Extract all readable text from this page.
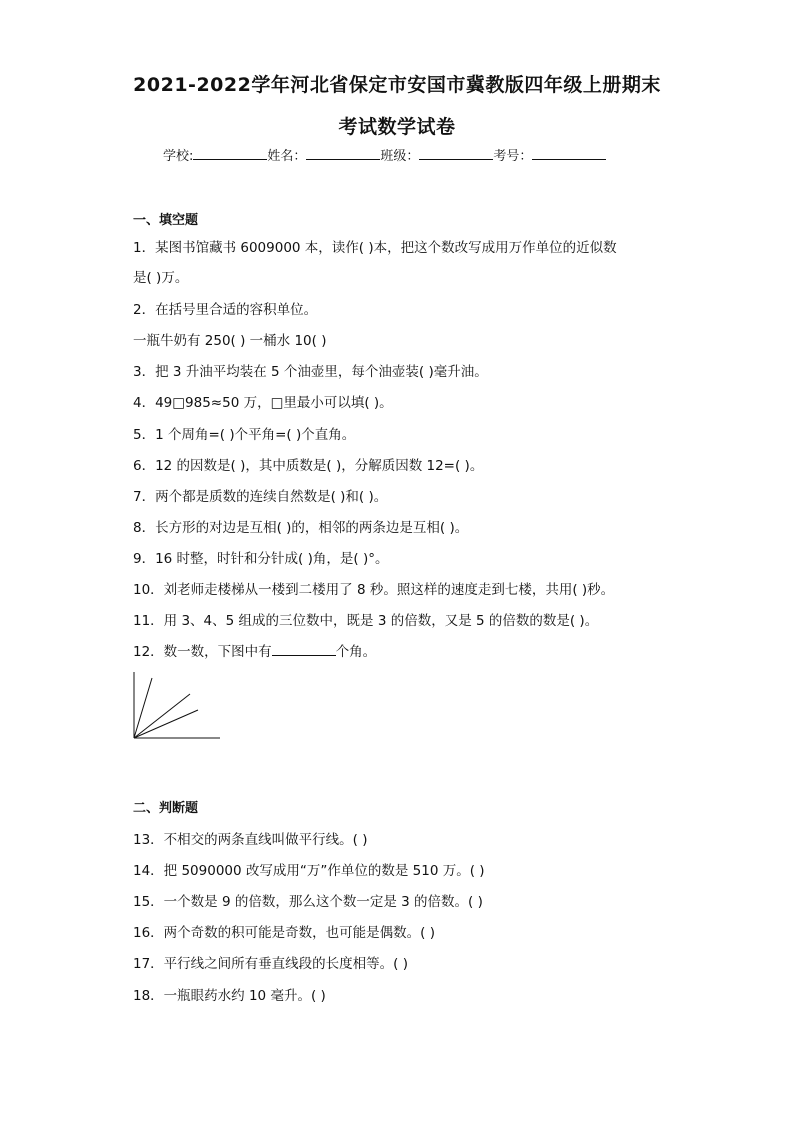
2021-2022学年河北省保定市安国市冀教版四年级上册期末
考试数学试卷
学校:	姓名：	班级：	考号：
一、填空题
1．某图书馆藏书 6009000 本，读作( )本，把这个数改写成用万作单位的近似数
是( )万。
2．在括号里合适的容积单位。
一瓶牛奶有 250( ) 一桶水 10( )
3．把 3 升油平均装在 5 个油壶里，每个油壶装( )毫升油。
4．49□985≈50 万，□里最小可以填( )。
5．1 个周角=( )个平角=( )个直角。
6．12 的因数是( )，其中质数是( )，分解质因数 12=( )。
7．两个都是质数的连续自然数是( )和( )。
8．长方形的对边是互相( )的，相邻的两条边是互相( )。
9．16 时整，时针和分针成( )角，是( )°。
10．刘老师走楼梯从一楼到二楼用了 8 秒。照这样的速度走到七楼，共用( )秒。
11．用 3、4、5 组成的三位数中，既是 3 的倍数，又是 5 的倍数的数是( )。
12．数一数，下图中有	个角。
二、判断题
13．不相交的两条直线叫做平行线。( )
14．把 5090000 改写成用“万”作单位的数是 510 万。( )
15．一个数是 9 的倍数，那么这个数一定是 3 的倍数。( )
16．两个奇数的积可能是奇数，也可能是偶数。( )
17．平行线之间所有垂直线段的长度相等。( )
18．一瓶眼药水约 10 毫升。( )
